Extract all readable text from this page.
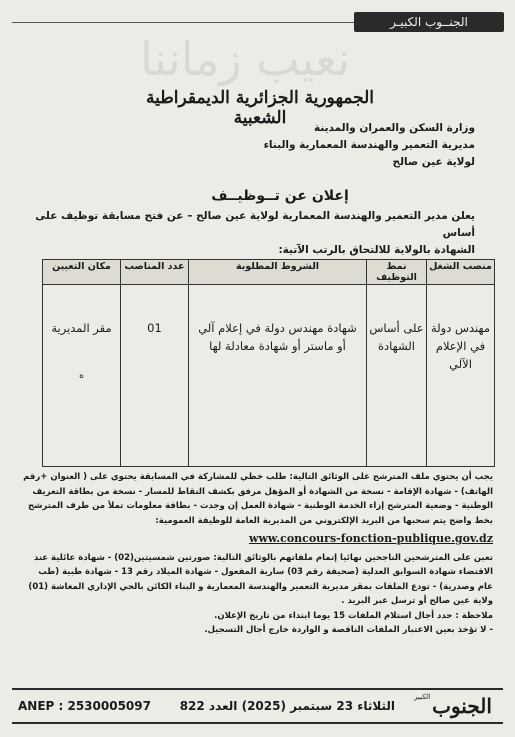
الجنــوب الكبيـر
نعيب زماننا
الجمهورية الجزائرية الديمقراطية الشعبية	وزارة السكن والعمران والمدينة
مديرية التعمير والهندسة المعمارية والبناء
لولاية عين صالح
إعلان عن تــوظيــف
يعلن مدير التعمير والهندسة المعمارية لولاية عين صالح – عن فتح مسابقة توظيف على أساس
الشهادة بالولاية للالتحاق بالرتب الآتية:
منصب الشغل	نمط التوظيف	الشروط المطلوبة	عدد المناصب	مكان التعيين
مهندس دولة في الإعلام الآلي	على أساس الشهادة	شهادة مهندس دولة في إعلام آلي أو ماستر أو شهادة معادلة لها	01	مقر المديرية
ه

يجب أن يحتوي ملف المترشح على الوثائق التالية: طلب خطي للمشاركة في المسابقة يحتوي على ( العنوان +رقم الهاتف) - شهادة الإقامة - نسخة من الشهادة أو المؤهل مرفق بكشف النقاط للمسار - نسخة من بطاقة التعريف الوطنية - وضعية المترشح إزاء الخدمة الوطنية - شهادة العمل إن وجدت - بطاقة معلومات تملأ من طرف المترشح بخط واضح يتم سحبها من البريد الإلكتروني من المديرية العامة للوظيفة العمومية:

www.concours-fonction-publique.gov.dz

تعين على المترشحين الناجحين نهائيا إتمام ملفاتهم بالوثائق التالية: صورتين شمسيتين(02) - شهادة عائلية عند الاقتضاء شهادة السوابق العدلية (صحيفة رقم 03) سارية المفعول - شهادة الميلاد رقم 13 - شهادة طبية (طب عام وصدرية) - تودع الملفات بمقر مديرية التعمير والهندسة المعمارية و البناء الكائن بالحي الإداري المغاشة (01) ولاية عين صالح أو ترسل عبر البريد .

ملاحظة : حدد أجال استلام الملفات 15 يوما ابتداء من تاريخ الإعلان.

- لا تؤخذ بعين الاعتبار الملفات الناقصة و الواردة خارج أجال التسجيل.

الجنوب
الكبير
الثلاثاء 23 سبتمبر (2025) العدد 822
ANEP : 2530005097
